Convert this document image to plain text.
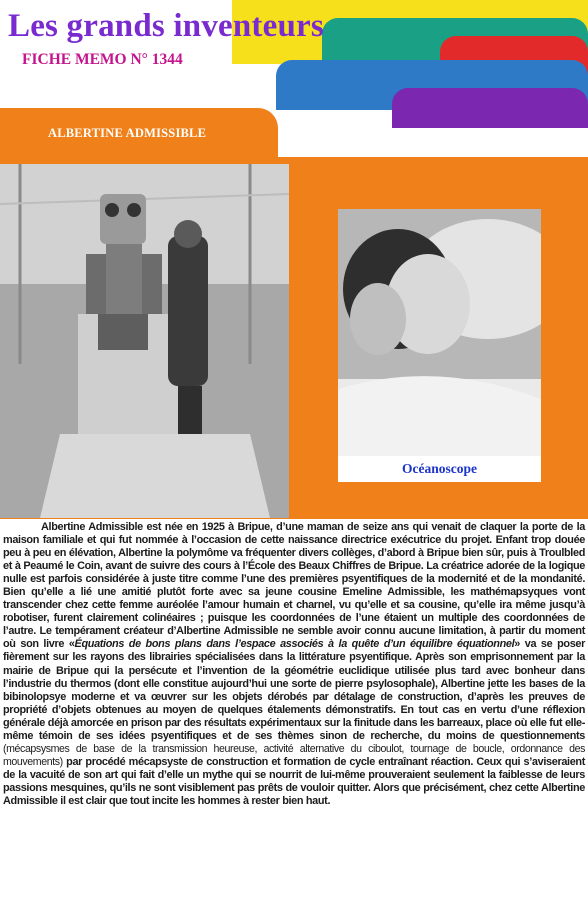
Les grands inventeurs
FICHE MEMO N° 1344
ALBERTINE ADMISSIBLE
Océanoscope

Albertine Admissible est née en 1925 à Bripue, d’une maman de seize ans qui venait de claquer la porte de la maison familiale et qui fut nommée à l’occasion de cette naissance directrice exécutrice du projet. Enfant trop douée peu à peu en élévation, Albertine la polymôme va fréquenter divers collèges, d’abord à Bripue bien sûr, puis à Troulbled et à Peaumé le Coin, avant de suivre des cours à l’École des Beaux Chiffres de Bripue. La créatrice adorée de la logique nulle est parfois considérée à juste titre comme l’une des premières psyentifiques de la modernité et de la mondanité. Bien qu’elle a lié une amitié plutôt forte avec sa jeune cousine Emeline Admissible, les mathémapsyques vont transcender chez cette femme auréolée l’amour humain et charnel, vu qu’elle et sa cousine, qu’elle ira même jusqu’à robotiser, furent clairement colinéaires ; puisque les coordonnées de l’une étaient un multiple des coordonnées de l’autre. Le tempérament créateur d’Albertine Admissible ne semble avoir connu aucune limitation, à partir du moment où son livre «Équations de bons plans dans l’espace associés à la quête d’un équilibre équationnel» va se poser fièrement sur les rayons des librairies spécialisées dans la littérature psyentifique. Après son emprisonnement par la mairie de Bripue qui la persécute et l’invention de la géométrie euclidique utilisée plus tard avec bonheur dans l’industrie du thermos (dont elle constitue aujourd’hui une sorte de pierre psylosophale), Albertine jette les bases de la bibinolopsye moderne et va œuvrer sur les objets dérobés par détalage de construction, d’après les preuves de propriété d’objets obtenues au moyen de quelques étalements démonstratifs. En tout cas en vertu d’une réflexion générale déjà amorcée en prison par des résultats expérimentaux sur la finitude dans les barreaux, place où elle fut elle-même témoin de ses idées psyentifiques et de ses thèmes sinon de recherche, du moins de questionnements (mécapsysmes de base de la transmission heureuse, activité alternative du ciboulot, tournage de boucle, ordonnance des mouvements) par procédé mécapsyste de construction et formation de cycle entraînant réaction. Ceux qui s’aviseraient de la vacuité de son art qui fait d’elle un mythe qui se nourrit de lui-même prouveraient seulement la faiblesse de leurs passions mesquines, qu’ils ne sont visiblement pas prêts de vouloir quitter. Alors que précisément, chez cette Albertine Admissible il est clair que tout incite les hommes à rester bien haut.
